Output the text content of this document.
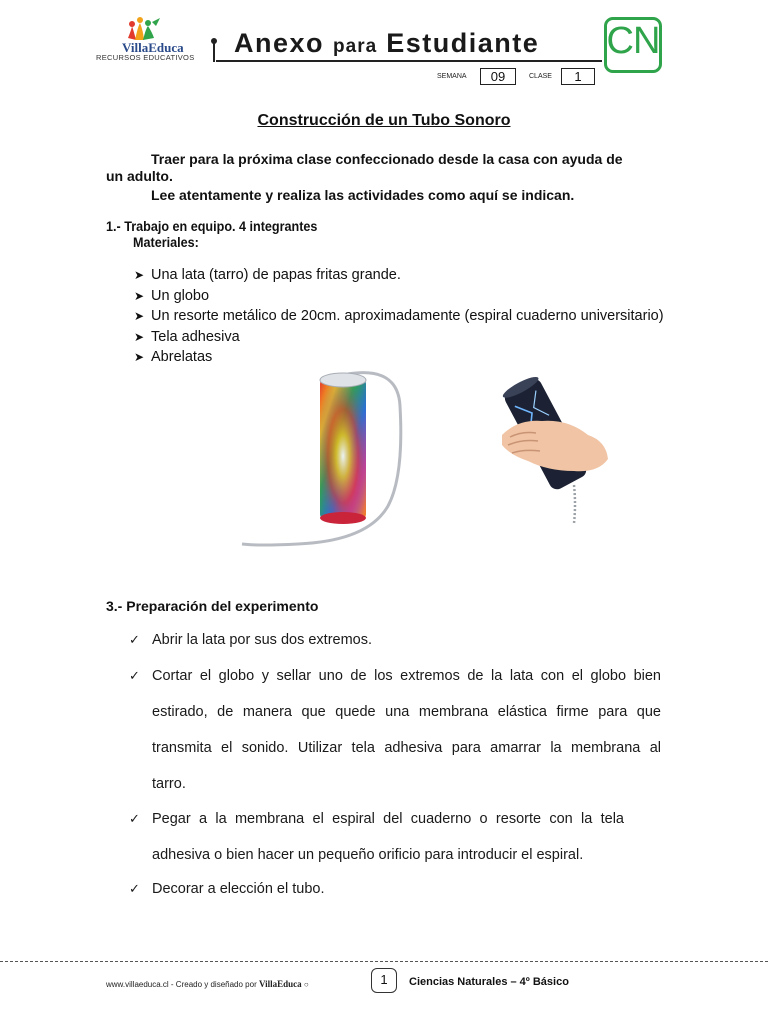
VillaEduca
RECURSOS EDUCATIVOS Anexo para Estudiante CN
SEMANA	09	CLASE	1
Construcción de un Tubo Sonoro
Traer para la próxima clase confeccionado desde la casa con ayuda de
un adulto.
Lee atentamente y realiza las actividades como aquí se indican.
1.- Trabajo en equipo. 4 integrantes
Materiales:
➤ Una lata (tarro) de papas fritas grande.
➤ Un globo
➤ Un resorte metálico de 20cm. aproximadamente (espiral cuaderno universitario)
➤ Tela adhesiva
➤ Abrelatas
3.- Preparación del experimento
✓ Abrir la lata por sus dos extremos.
✓ Cortar el globo y sellar uno de los extremos de la lata con el globo bien
estirado, de manera que quede una membrana elástica firme para que
transmita el sonido. Utilizar tela adhesiva para amarrar la membrana al
tarro.
✓ Pegar a la membrana el espiral del cuaderno o resorte con la tela
adhesiva o bien hacer un pequeño orificio para introducir el espiral.
✓ Decorar a elección el tubo.
www.villaeduca.cl - Creado y diseñado por VillaEduca ○	1	Ciencias Naturales – 4º Básico
